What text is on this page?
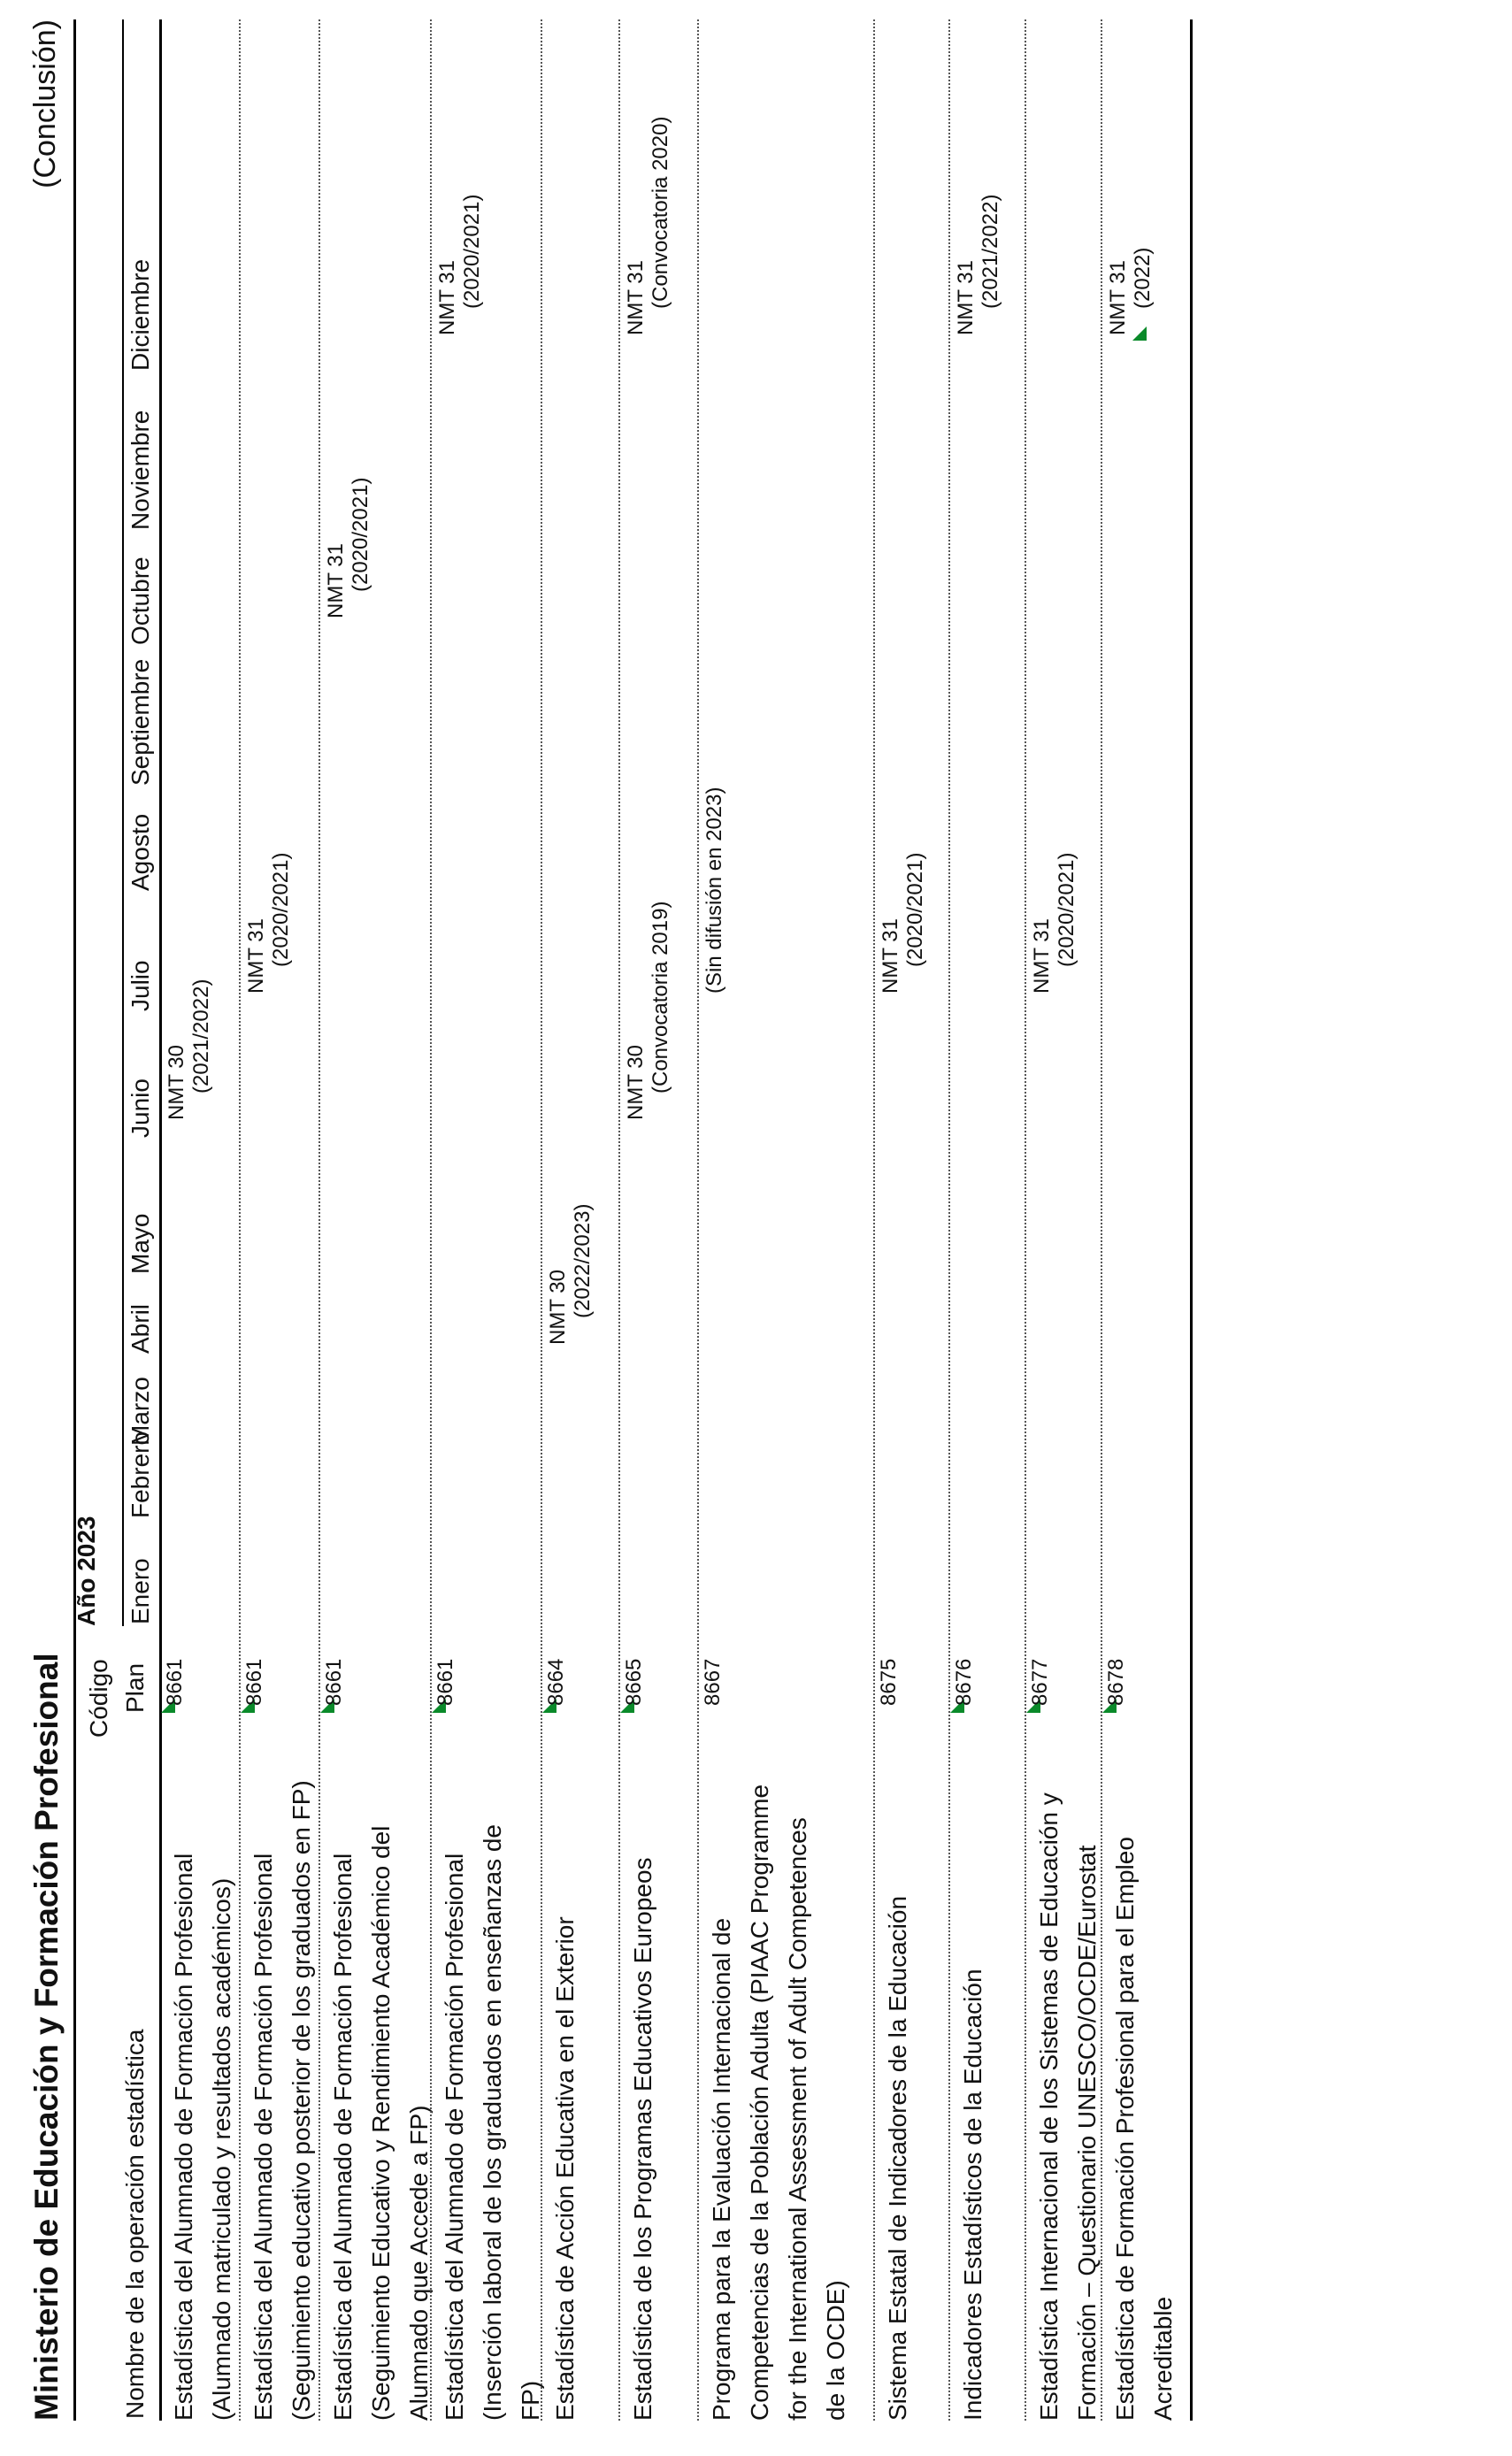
Ministerio de Educación y Formación Profesional
(Conclusión)
Nombre de la operación estadística
Código Plan
Año 2023 Enero
Febrero
Marzo
Abril
Mayo
Junio
Julio
Agosto
Septiembre
Octubre
Noviembre
Diciembre
Estadística del Alumnado de Formación Profesional (Alumnado matriculado y resultados académicos)
8661
NMT 30 (2021/2022)
Estadística del Alumnado de Formación Profesional (Seguimiento educativo posterior de los graduados en FP)
8661
NMT 31 (2020/2021)
Estadística del Alumnado de Formación Profesional (Seguimiento Educativo y Rendimiento Académico del Alumnado que Accede a FP)
8661
NMT 31 (2020/2021)
Estadística del Alumnado de Formación Profesional (Inserción laboral de los graduados en enseñanzas de FP)
8661
NMT 31 (2020/2021)
Estadística de Acción Educativa en el Exterior
8664
NMT 30 (2022/2023)
Estadística de los Programas Educativos Europeos
8665
NMT 30 (Convocatoria 2019)
NMT 31 (Convocatoria 2020)
Programa para la Evaluación Internacional de Competencias de la Población Adulta (PIAAC Programme for the International Assessment of Adult Competences de la OCDE)
8667
(Sin difusión en 2023)
Sistema Estatal de Indicadores de la Educación
8675
NMT 31 (2020/2021)
Indicadores Estadísticos de la Educación
8676
NMT 31 (2021/2022)
Estadística Internacional de los Sistemas de Educación y Formación – Questionario UNESCO/OCDE/Eurostat
8677
NMT 31 (2020/2021)
Estadística de Formación Profesional para el Empleo Acreditable
8678
NMT 31 (2022)
